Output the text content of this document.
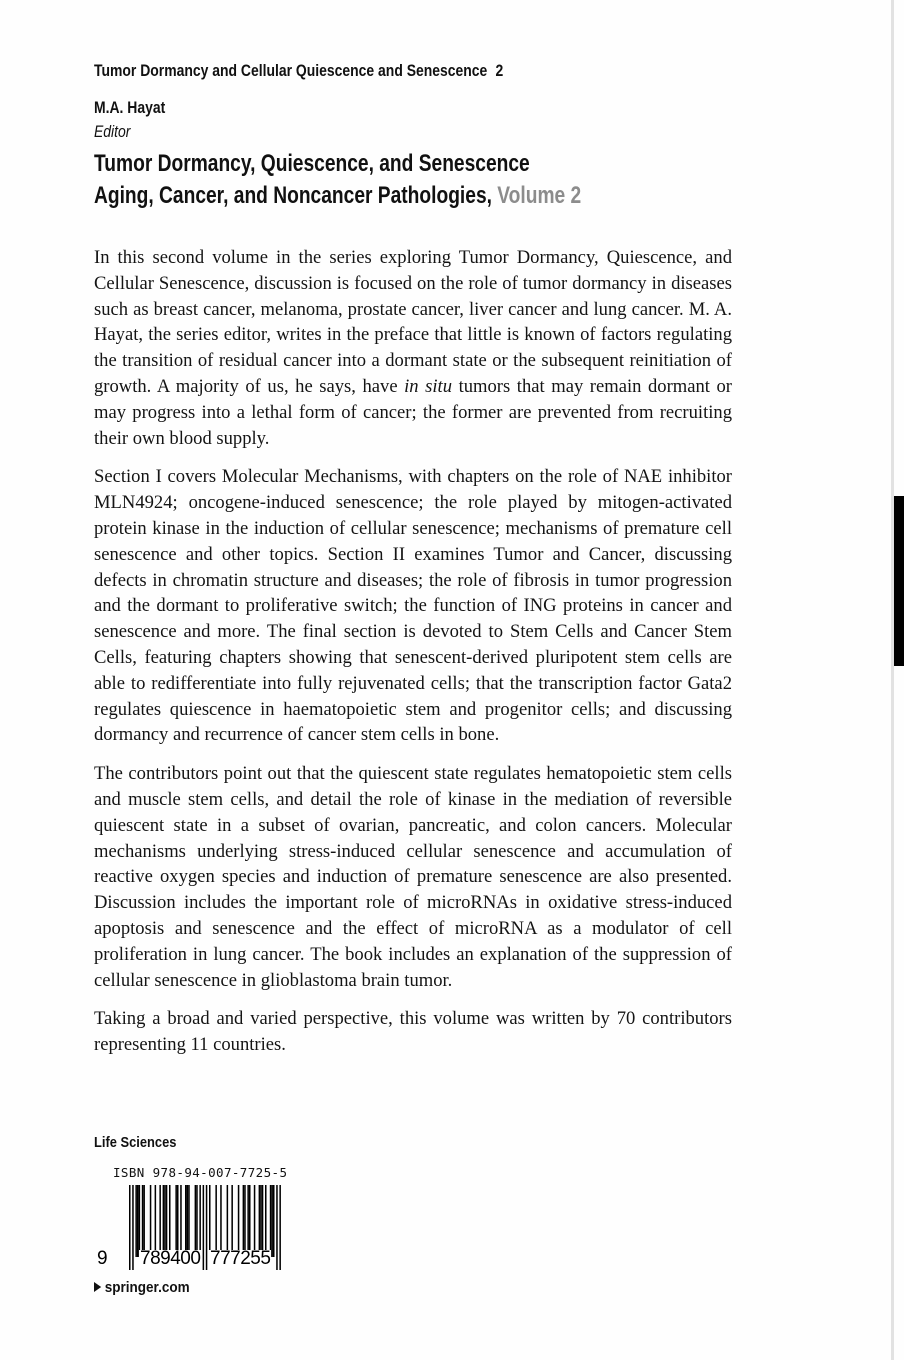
Tumor Dormancy and Cellular Quiescence and Senescence 2
M.A. Hayat
Editor
Tumor Dormancy, Quiescence, and Senescence
Aging, Cancer, and Noncancer Pathologies, Volume 2

In this second volume in the series exploring Tumor Dormancy, Quiescence, and Cellular Senescence, discussion is focused on the role of tumor dormancy in diseases such as breast cancer, melanoma, prostate cancer, liver cancer and lung cancer. M. A. Hayat, the series editor, writes in the preface that little is known of factors regulating the transition of residual cancer into a dormant state or the subsequent reinitiation of growth. A majority of us, he says, have in situ tumors that may remain dormant or may progress into a lethal form of cancer; the former are prevented from recruiting their own blood supply.

Section I covers Molecular Mechanisms, with chapters on the role of NAE inhibitor MLN4924; oncogene-induced senescence; the role played by mitogen-activated protein kinase in the induction of cellular senescence; mechanisms of premature cell senescence and other topics. Section II examines Tumor and Cancer, discussing defects in chromatin structure and diseases; the role of fibrosis in tumor progression and the dormant to proliferative switch; the function of ING proteins in cancer and senescence and more. The final section is devoted to Stem Cells and Cancer Stem Cells, featuring chapters showing that senescent-derived pluripotent stem cells are able to redifferentiate into fully rejuvenated cells; that the transcription factor Gata2 regulates quiescence in haematopoietic stem and progenitor cells; and discussing dormancy and recurrence of cancer stem cells in bone.

The contributors point out that the quiescent state regulates hematopoietic stem cells and muscle stem cells, and detail the role of kinase in the mediation of reversible quiescent state in a subset of ovarian, pancreatic, and colon cancers. Molecular mechanisms underlying stress-induced cellular senescence and accumulation of reactive oxygen species and induction of premature senescence are also presented. Discussion includes the important role of microRNAs in oxidative stress-induced apoptosis and senescence and the effect of microRNA as a modulator of cell proliferation in lung cancer. The book includes an explanation of the suppression of cellular senescence in glioblastoma brain tumor.

Taking a broad and varied perspective, this volume was written by 70 contributors representing 11 countries.

Life Sciences
ISBN 978-94-007-7725-5
9 789400 777255
springer.com
